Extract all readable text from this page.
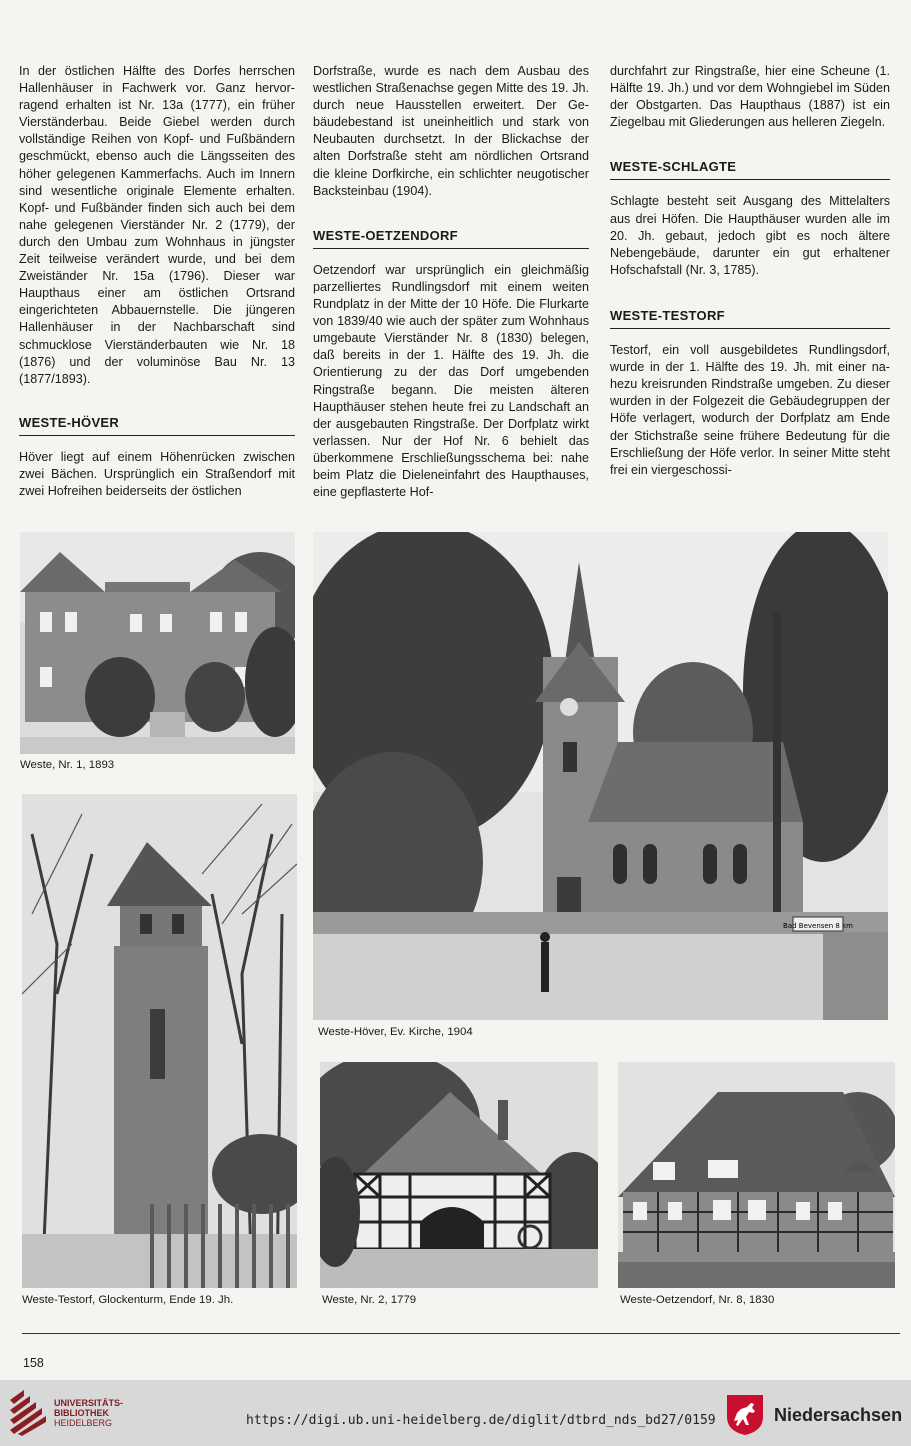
In der östlichen Hälfte des Dorfes herrschen Hallenhäuser in Fachwerk vor. Ganz hervorragend erhalten ist Nr. 13a (1777), ein früher Vierständerbau. Beide Giebel werden durch vollständige Reihen von Kopf- und Fußbändern geschmückt, ebenso auch die Längsseiten des höher gelegenen Kammerfachs. Auch im Innern sind wesentliche originale Elemente erhalten. Kopf- und Fußbänder finden sich auch bei dem nahe gelegenen Vierständer Nr. 2 (1779), der durch den Umbau zum Wohnhaus in jüngster Zeit teilweise verändert wurde, und bei dem Zweiständer Nr. 15a (1796). Dieser war Haupthaus einer am östlichen Ortsrand eingerichteten Abbauernstelle. Die jüngeren Hallenhäuser in der Nachbarschaft sind schmucklose Vierständerbauten wie Nr. 18 (1876) und der voluminöse Bau Nr. 13 (1877/1893).

WESTE-HÖVER

Höver liegt auf einem Höhenrücken zwischen zwei Bächen. Ursprünglich ein Straßendorf mit zwei Hofreihen beiderseits der östlichen

Dorfstraße, wurde es nach dem Ausbau des westlichen Straßenachse gegen Mitte des 19. Jh. durch neue Hausstellen erweitert. Der Gebäudebestand ist uneinheitlich und stark von Neubauten durchsetzt. In der Blickachse der alten Dorfstraße steht am nördlichen Ortsrand die kleine Dorfkirche, ein schlichter neugotischer Backsteinbau (1904).

WESTE-OETZENDORF

Oetzendorf war ursprünglich ein gleichmäßig parzelliertes Rundlingsdorf mit einem weiten Rundplatz in der Mitte der 10 Höfe. Die Flurkarte von 1839/40 wie auch der später zum Wohnhaus umgebaute Vierständer Nr. 8 (1830) belegen, daß bereits in der 1. Hälfte des 19. Jh. die Orientierung zu der das Dorf umgebenden Ringstraße begann. Die meisten älteren Haupthäuser stehen heute frei zu Landschaft an der ausgebauten Ringstraße. Der Dorfplatz wirkt verlassen. Nur der Hof Nr. 6 behielt das überkommene Erschließungsschema bei: nahe beim Platz die Dieleneinfahrt des Haupthauses, eine gepflasterte Hof-

durchfahrt zur Ringstraße, hier eine Scheune (1. Hälfte 19. Jh.) und vor dem Wohngiebel im Süden der Obstgarten. Das Haupthaus (1887) ist ein Ziegelbau mit Gliederungen aus helleren Ziegeln.

WESTE-SCHLAGTE

Schlagte besteht seit Ausgang des Mittelalters aus drei Höfen. Die Haupthäuser wurden alle im 20. Jh. gebaut, jedoch gibt es noch ältere Nebengebäude, darunter ein gut erhaltener Hofschafstall (Nr. 3, 1785).

WESTE-TESTORF

Testorf, ein voll ausgebildetes Rundlingsdorf, wurde in der 1. Hälfte des 19. Jh. mit einer nahezu kreisrunden Rindstraße umgeben. Zu dieser wurden in der Folgezeit die Gebäudegruppen der Höfe verlagert, wodurch der Dorfplatz am Ende der Stichstraße seine frühere Bedeutung für die Erschließung der Höfe verlor. In seiner Mitte steht frei ein viergeschossi-

Weste, Nr. 1, 1893
Bad Bevensen 8 km
Weste-Höver, Ev. Kirche, 1904
Weste-Testorf, Glockenturm, Ende 19. Jh.	Weste, Nr. 2, 1779	Weste-Oetzendorf, Nr. 8, 1830
158
UNIVERSITÄTS-
BIBLIOTHEK
HEIDELBERG	https://digi.ub.uni-heidelberg.de/diglit/dtbrd_nds_bd27/0159	Niedersachsen
